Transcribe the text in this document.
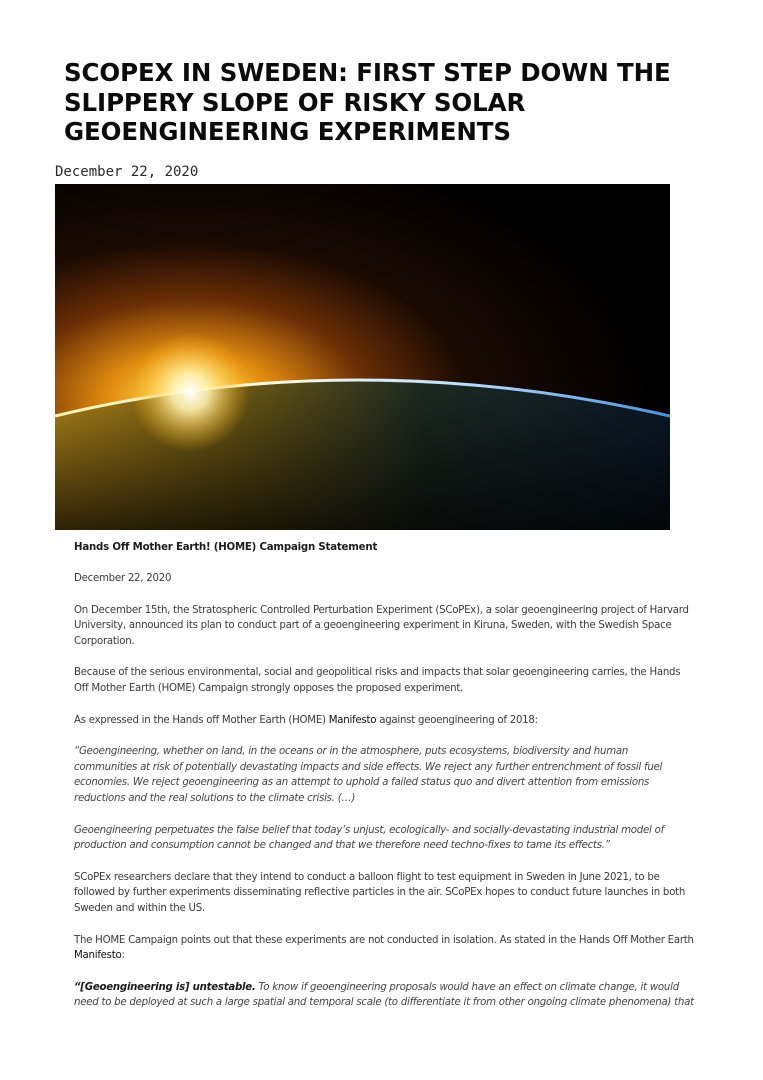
SCOPEX IN SWEDEN: FIRST STEP DOWN THE SLIPPERY SLOPE OF RISKY SOLAR GEOENGINEERING EXPERIMENTS
December 22, 2020

Hands Off Mother Earth! (HOME) Campaign Statement

December 22, 2020

On December 15th, the Stratospheric Controlled Perturbation Experiment (SCoPEx), a solar geoengineering project of Harvard University, announced its plan to conduct part of a geoengineering experiment in Kiruna, Sweden, with the Swedish Space Corporation.

Because of the serious environmental, social and geopolitical risks and impacts that solar geoengineering carries, the Hands Off Mother Earth (HOME) Campaign strongly opposes the proposed experiment.

As expressed in the Hands off Mother Earth (HOME) Manifesto against geoengineering of 2018:

“Geoengineering, whether on land, in the oceans or in the atmosphere, puts ecosystems, biodiversity and human communities at risk of potentially devastating impacts and side effects. We reject any further entrenchment of fossil fuel economies. We reject geoengineering as an attempt to uphold a failed status quo and divert attention from emissions reductions and the real solutions to the climate crisis. (…)

Geoengineering perpetuates the false belief that today’s unjust, ecologically- and socially-devastating industrial model of production and consumption cannot be changed and that we therefore need techno-fixes to tame its effects.”

SCoPEx researchers declare that they intend to conduct a balloon flight to test equipment in Sweden in June 2021, to be followed by further experiments disseminating reflective particles in the air. SCoPEx hopes to conduct future launches in both Sweden and within the US.

The HOME Campaign points out that these experiments are not conducted in isolation. As stated in the Hands Off Mother Earth Manifesto:

“[Geoengineering is] untestable. To know if geoengineering proposals would have an effect on climate change, it would need to be deployed at such a large spatial and temporal scale (to differentiate it from other ongoing climate phenomena) that
